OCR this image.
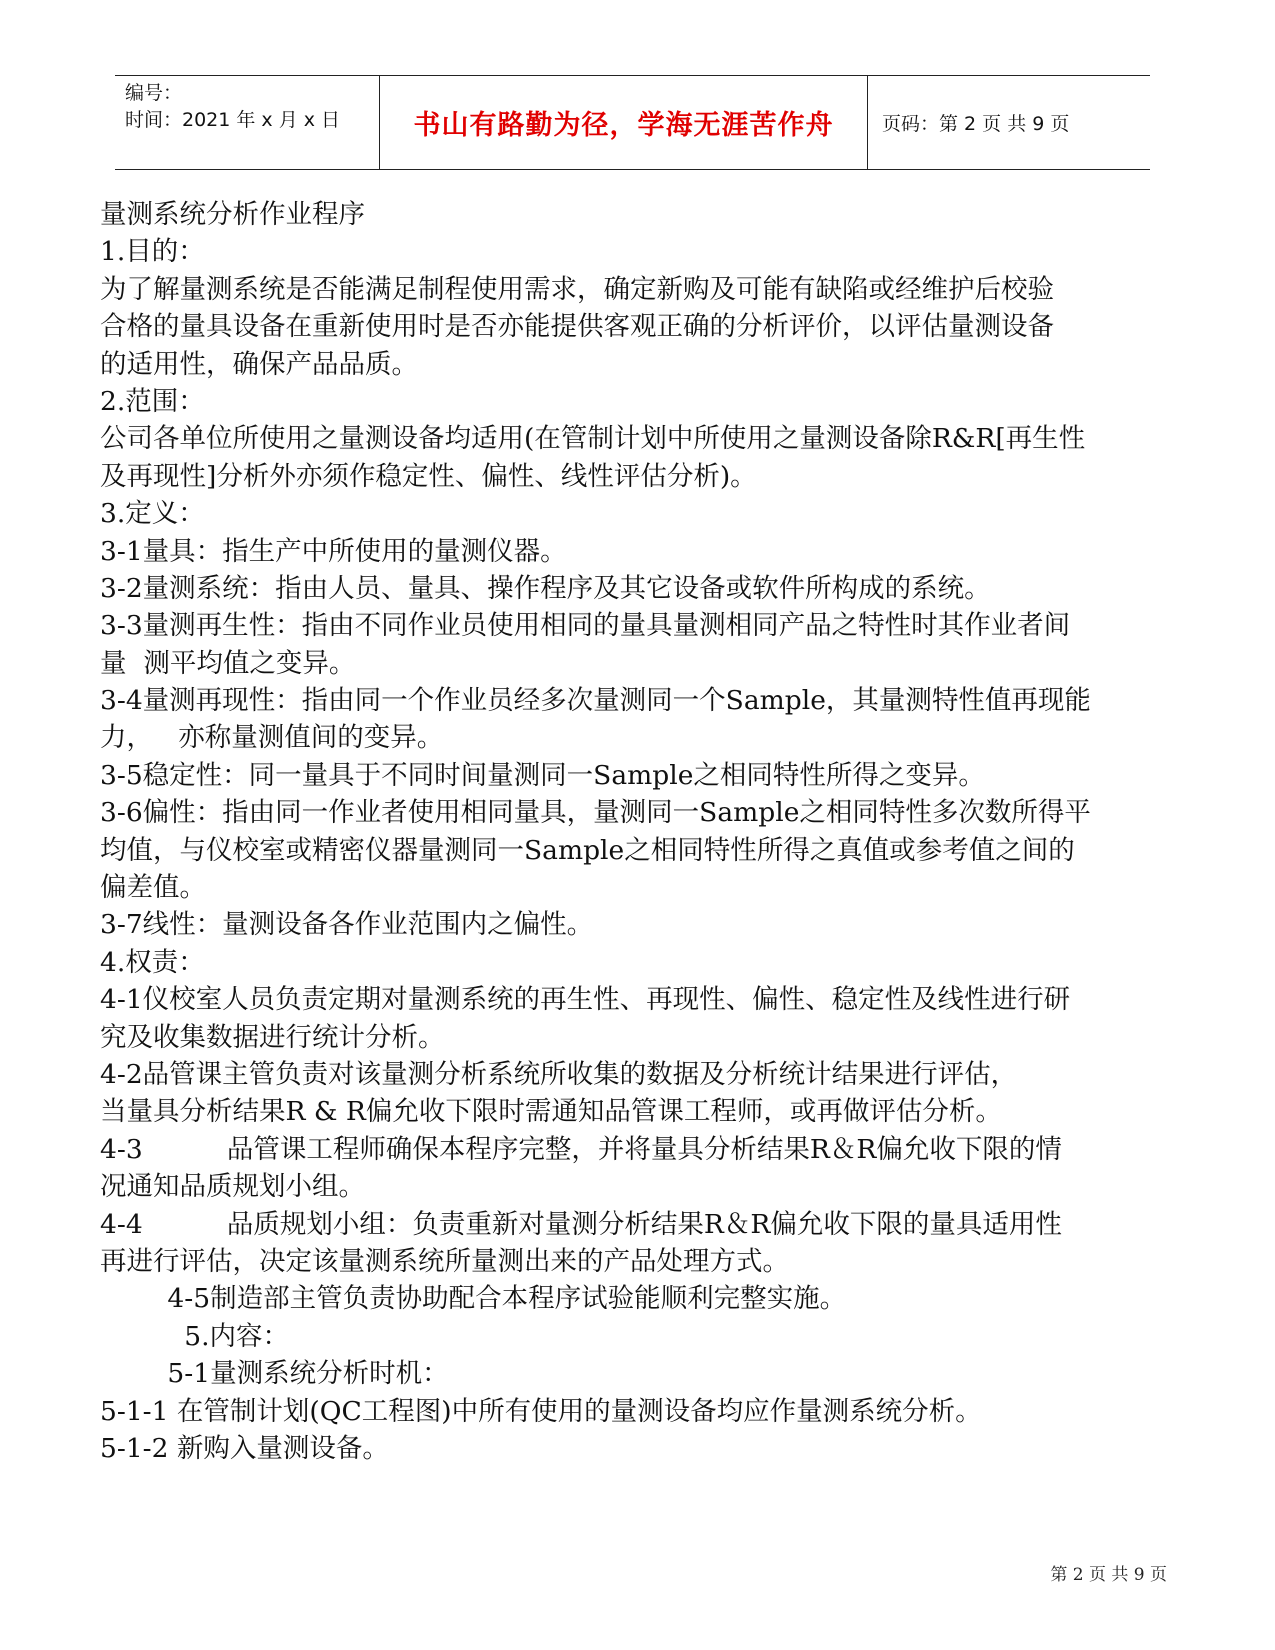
编号：
时间：2021 年 x 月 x 日	书山有路勤为径，学海无涯苦作舟	页码：第 2 页 共 9 页
量测系统分析作业程序
1.目的：
为了解量测系统是否能满足制程使用需求，确定新购及可能有缺陷或经维护后校验
合格的量具设备在重新使用时是否亦能提供客观正确的分析评价，以评估量测设备
的适用性，确保产品品质。
2.范围：
公司各单位所使用之量测设备均适用(在管制计划中所使用之量测设备除R&R[再生性
及再现性]分析外亦须作稳定性、偏性、线性评估分析)。
3.定义：
3-1量具：指生产中所使用的量测仪器。
3-2量测系统：指由人员、量具、操作程序及其它设备或软件所构成的系统。
3-3量测再生性：指由不同作业员使用相同的量具量测相同产品之特性时其作业者间
量  测平均值之变异。
3-4量测再现性：指由同一个作业员经多次量测同一个Sample，其量测特性值再现能
力，   亦称量测值间的变异。
3-5稳定性：同一量具于不同时间量测同一Sample之相同特性所得之变异。
3-6偏性：指由同一作业者使用相同量具，量测同一Sample之相同特性多次数所得平
均值，与仪校室或精密仪器量测同一Sample之相同特性所得之真值或参考值之间的
偏差值。
3-7线性：量测设备各作业范围内之偏性。
4.权责：
4-1仪校室人员负责定期对量测系统的再生性、再现性、偏性、稳定性及线性进行研
究及收集数据进行统计分析。
4-2品管课主管负责对该量测分析系统所收集的数据及分析统计结果进行评估，
当量具分析结果R & R偏允收下限时需通知品管课工程师，或再做评估分析。
4-3          品管课工程师确保本程序完整，并将量具分析结果R＆R偏允收下限的情
况通知品质规划小组。
4-4          品质规划小组：负责重新对量测分析结果R＆R偏允收下限的量具适用性
再进行评估，决定该量测系统所量测出来的产品处理方式。
4-5制造部主管负责协助配合本程序试验能顺利完整实施。
5.内容：
5-1量测系统分析时机：
5-1-1 在管制计划(QC工程图)中所有使用的量测设备均应作量测系统分析。
5-1-2 新购入量测设备。
第 2 页 共 9 页
